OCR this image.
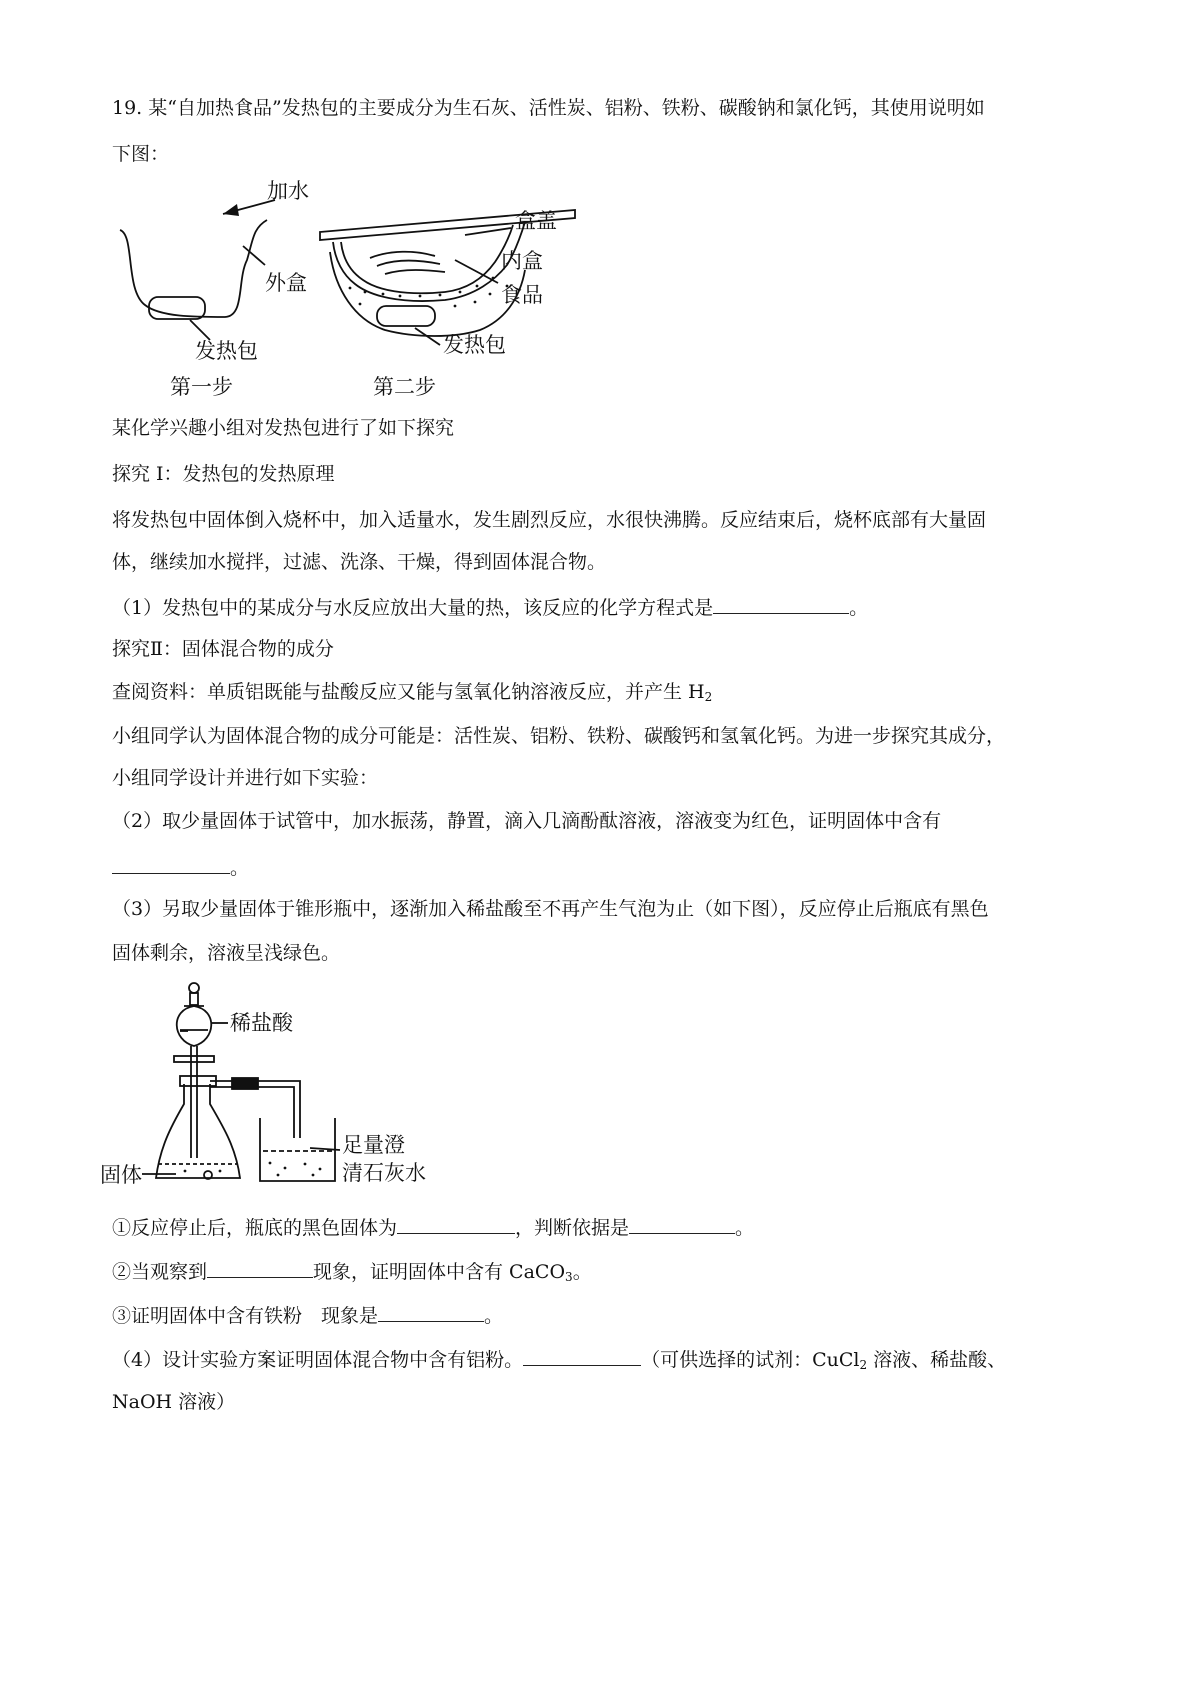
19. 某“自加热食品”发热包的主要成分为生石灰、活性炭、铝粉、铁粉、碳酸钠和氯化钙，其使用说明如
下图：
加水
外盒
发热包
第一步
盒盖
内盒
食品
发热包
第二步
某化学兴趣小组对发热包进行了如下探究
探究 I：发热包的发热原理
将发热包中固体倒入烧杯中，加入适量水，发生剧烈反应，水很快沸腾。反应结束后，烧杯底部有大量固
体，继续加水搅拌，过滤、洗涤、干燥，得到固体混合物。
（1）发热包中的某成分与水反应放出大量的热，该反应的化学方程式是	。
探究Ⅱ：固体混合物的成分
查阅资料：单质铝既能与盐酸反应又能与氢氧化钠溶液反应，并产生 $H_2$
小组同学认为固体混合物的成分可能是：活性炭、铝粉、铁粉、碳酸钙和氢氧化钙。为进一步探究其成分，
小组同学设计并进行如下实验：
（2）取少量固体于试管中，加水振荡，静置，滴入几滴酚酞溶液，溶液变为红色，证明固体中含有
。
（3）另取少量固体于锥形瓶中，逐渐加入稀盐酸至不再产生气泡为止（如下图），反应停止后瓶底有黑色
固体剩余，溶液呈浅绿色。
稀盐酸
足量澄
清石灰水
固体
①反应停止后，瓶底的黑色固体为	，判断依据是	。
②当观察到	现象，证明固体中含有 CaCO$_3$。
③证明固体中含有铁粉　现象是	。
（4）设计实验方案证明固体混合物中含有铝粉。	（可供选择的试剂：CuCl$_2$ 溶液、稀盐酸、
NaOH 溶液）
